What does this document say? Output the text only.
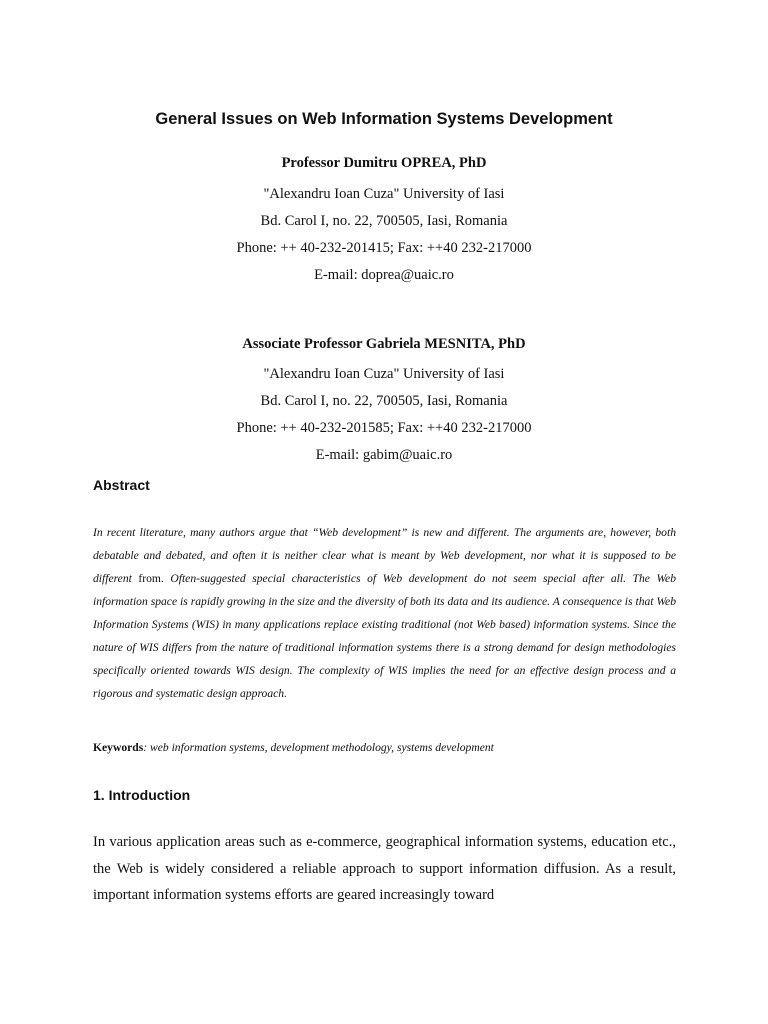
General Issues on Web Information Systems Development
Professor Dumitru OPREA, PhD
"Alexandru Ioan Cuza" University of Iasi
Bd. Carol I, no. 22, 700505, Iasi, Romania
Phone: ++ 40-232-201415; Fax: ++40 232-217000
E-mail: doprea@uaic.ro
Associate Professor Gabriela MESNITA, PhD
"Alexandru Ioan Cuza" University of Iasi
Bd. Carol I, no. 22, 700505, Iasi, Romania
Phone: ++ 40-232-201585; Fax: ++40 232-217000
E-mail: gabim@uaic.ro
Abstract
In recent literature, many authors argue that “Web development” is new and different. The arguments are, however, both debatable and debated, and often it is neither clear what is meant by Web development, nor what it is supposed to be different from. Often-suggested special characteristics of Web development do not seem special after all. The Web information space is rapidly growing in the size and the diversity of both its data and its audience. A consequence is that Web Information Systems (WIS) in many applications replace existing traditional (not Web based) information systems. Since the nature of WIS differs from the nature of traditional information systems there is a strong demand for design methodologies specifically oriented towards WIS design. The complexity of WIS implies the need for an effective design process and a rigorous and systematic design approach.
Keywords: web information systems, development methodology, systems development
1. Introduction
In various application areas such as e-commerce, geographical information systems, education etc., the Web is widely considered a reliable approach to support information diffusion. As a result, important information systems efforts are geared increasingly toward
